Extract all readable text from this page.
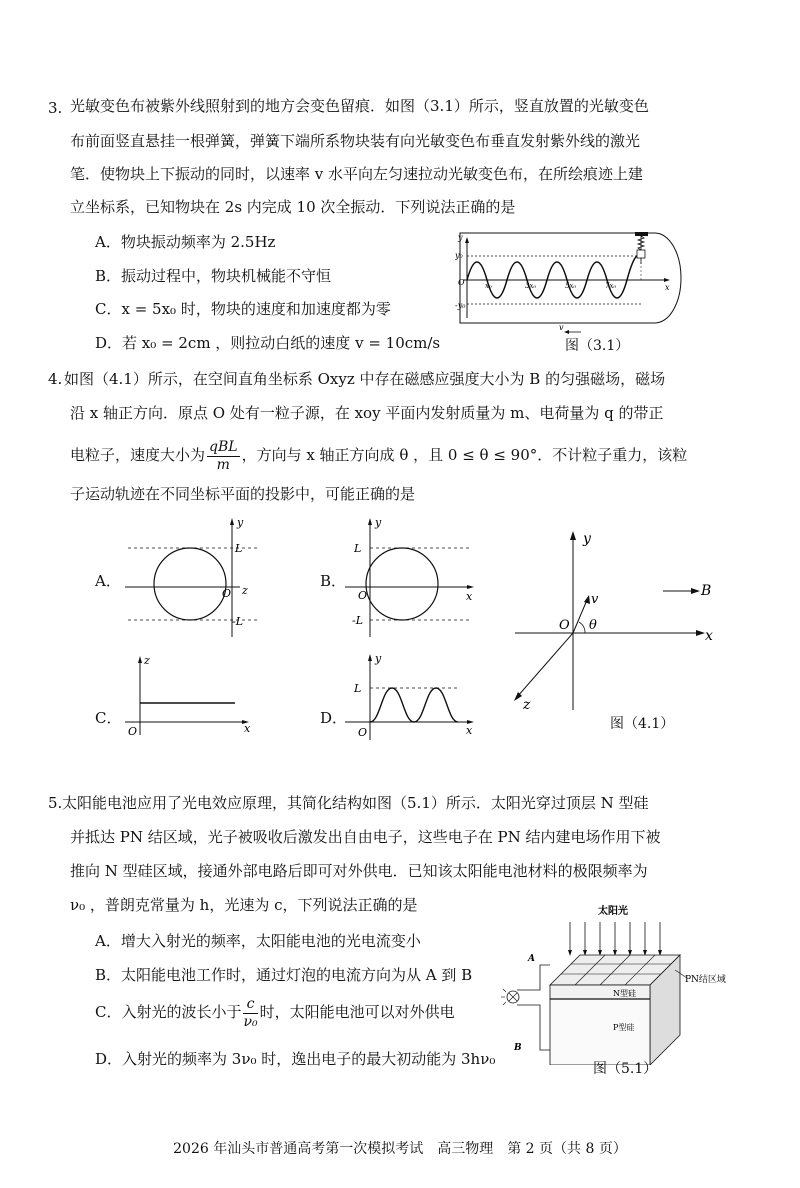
3. 光敏变色布被紫外线照射到的地方会变色留痕．如图（3.1）所示，竖直放置的光敏变色
布前面竖直悬挂一根弹簧，弹簧下端所系物块装有向光敏变色布垂直发射紫外线的激光
笔．使物块上下振动的同时，以速率 v 水平向左匀速拉动光敏变色布，在所绘痕迹上建
立坐标系，已知物块在 2s 内完成 10 次全振动．下列说法正确的是
A．物块振动频率为 2.5Hz
B．振动过程中，物块机械能不守恒
C．x = 5x₀ 时，物块的速度和加速度都为零
D．若 x₀ = 2cm ，则拉动白纸的速度 v = 10cm/s
y
y₀
O
-y₀
x
x₀	3x₀	5x₀	7x₀
v
图（3.1）
4. 如图（4.1）所示，在空间直角坐标系 Oxyz 中存在磁感应强度大小为 B 的匀强磁场，磁场
沿 x 轴正方向．原点 O 处有一粒子源，在 xoy 平面内发射质量为 m、电荷量为 q 的带正
电粒子，速度大小为 $\frac{\text{qBL}}{m}$ ，方向与 x 轴正方向成 θ ，且 0 ≤ θ ≤ 90°．不计粒子重力，该粒
子运动轨迹在不同坐标平面的投影中，可能正确的是
A．
y
L
O z
-L
B．
y
L
O	x
-L
C．
z
O	x
D．
y
L
O	x
y
x
z
v
B
θ
O
图（4.1）
5. 太阳能电池应用了光电效应原理，其简化结构如图（5.1）所示．太阳光穿过顶层 N 型硅
并抵达 PN 结区域，光子被吸收后激发出自由电子，这些电子在 PN 结内建电场作用下被
推向 N 型硅区域，接通外部电路后即可对外供电．已知该太阳能电池材料的极限频率为
ν₀ ，普朗克常量为 h，光速为 c，下列说法正确的是
A．增大入射光的频率，太阳能电池的光电流变小
B．太阳能电池工作时，通过灯泡的电流方向为从 A 到 B
C．入射光的波长小于 $\frac{c}{\text{ν₀}}$ 时，太阳能电池可以对外供电
D．入射光的频率为 3ν₀ 时，逸出电子的最大初动能为 3hν₀
太阳光
N型硅
P型硅
PN结区域
A
B
图（5.1）
2026 年汕头市普通高考第一次模拟考试　高三物理　第 2 页（共 8 页）
